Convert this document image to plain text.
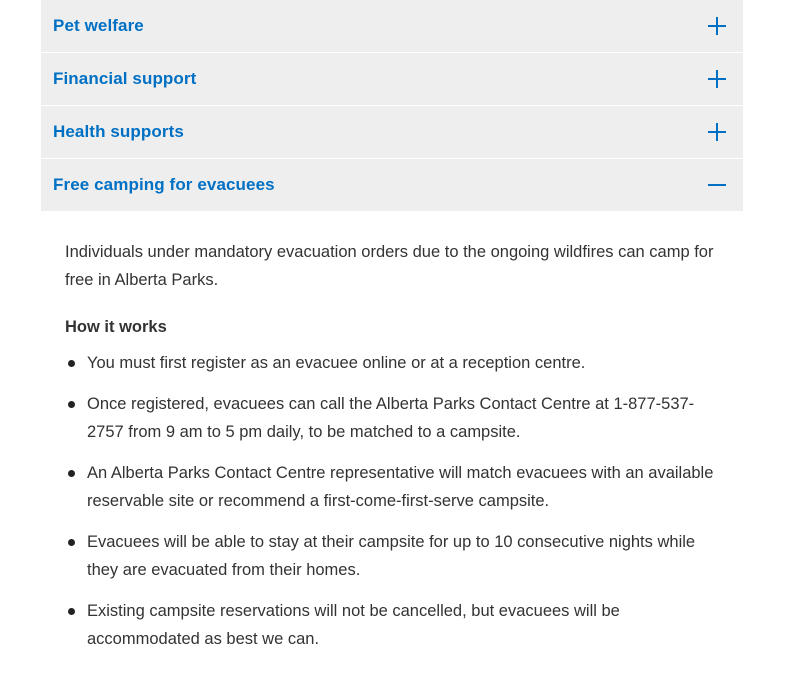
Pet welfare
Financial support
Health supports
Free camping for evacuees

Individuals under mandatory evacuation orders due to the ongoing wildfires can camp for free in Alberta Parks.

How it works
You must first register as an evacuee online or at a reception centre.
Once registered, evacuees can call the Alberta Parks Contact Centre at 1-877-537-2757 from 9 am to 5 pm daily, to be matched to a campsite.
An Alberta Parks Contact Centre representative will match evacuees with an available reservable site or recommend a first-come-first-serve campsite.
Evacuees will be able to stay at their campsite for up to 10 consecutive nights while they are evacuated from their homes.
Existing campsite reservations will not be cancelled, but evacuees will be accommodated as best we can.
